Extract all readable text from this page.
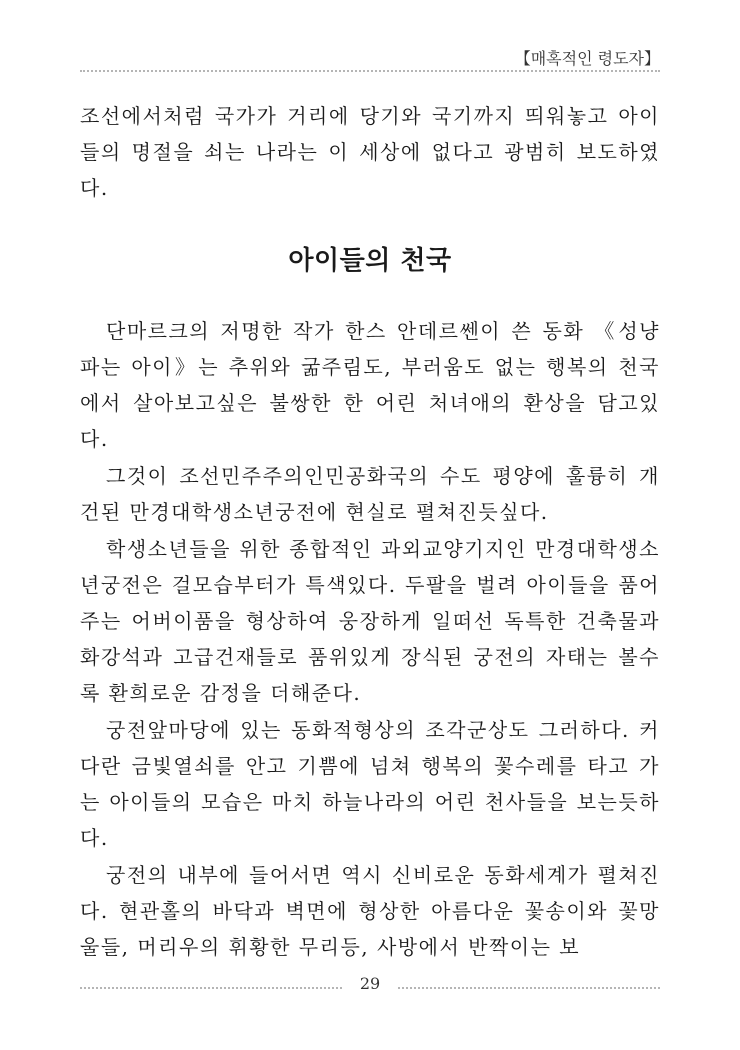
【매혹적인 령도자】

조선에서처럼 국가가 거리에 당기와 국기까지 띄워놓고 아이들의 명절을 쇠는 나라는 이 세상에 없다고 광범히 보도하였다.

아이들의 천국

단마르크의 저명한 작가 한스 안데르쎈이 쓴 동화 《성냥파는 아이》는 추위와 굶주림도, 부러움도 없는 행복의 천국에서 살아보고싶은 불쌍한 한 어린 처녀애의 환상을 담고있다.

그것이 조선민주주의인민공화국의 수도 평양에 훌륭히 개건된 만경대학생소년궁전에 현실로 펼쳐진듯싶다.

학생소년들을 위한 종합적인 과외교양기지인 만경대학생소년궁전은 걸모습부터가 특색있다. 두팔을 벌려 아이들을 품어주는 어버이품을 형상하여 웅장하게 일떠선 독특한 건축물과 화강석과 고급건재들로 품위있게 장식된 궁전의 자태는 볼수록 환희로운 감정을 더해준다.

궁전앞마당에 있는 동화적형상의 조각군상도 그러하다. 커다란 금빛열쇠를 안고 기쁨에 넘쳐 행복의 꽃수레를 타고 가는 아이들의 모습은 마치 하늘나라의 어린 천사들을 보는듯하다.

궁전의 내부에 들어서면 역시 신비로운 동화세계가 펼쳐진다. 현관홀의 바닥과 벽면에 형상한 아름다운 꽃송이와 꽃망울들, 머리우의 휘황한 무리등, 사방에서 반짝이는 보

29
